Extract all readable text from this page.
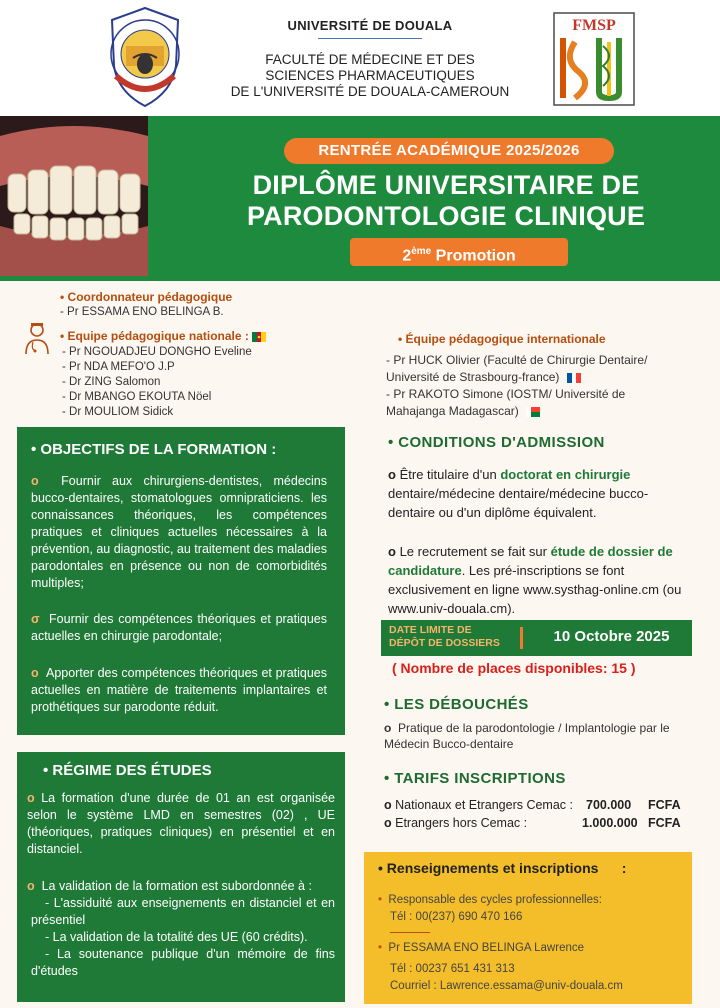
FMSP
UNIVERSITÉ DE DOUALA
FACULTÉ DE MÉDECINE ET DES
SCIENCES PHARMACEUTIQUES
DE L'UNIVERSITÉ DE DOUALA-CAMEROUN
RENTRÉE ACADÉMIQUE 2025/2026
DIPLÔME UNIVERSITAIRE DE
PARODONTOLOGIE CLINIQUE
2ème Promotion
• Coordonnateur pédagogique
- Pr ESSAMA ENO BELINGA B.
• Equipe pédagogique nationale :
- Pr NGOUADJEU DONGHO Eveline
- Pr NDA MEFO'O J.P
- Dr ZING Salomon
- Dr MBANGO EKOUTA Nöel
- Dr MOULIOM Sidick
• Équipe pédagogique internationale
- Pr HUCK Olivier (Faculté de Chirurgie Dentaire/
Université de Strasbourg-france)
- Pr RAKOTO Simone (IOSTM/ Université de
Mahajanga Madagascar)
• OBJECTIFS DE LA FORMATION :
o Fournir aux chirurgiens-dentistes, médecins bucco-dentaires, stomatologues omnipraticiens. les connaissances théoriques, les compétences pratiques et cliniques actuelles nécessaires à la prévention, au diagnostic, au traitement des maladies parodontales en présence ou non de comorbidités multiples;
σ Fournir des compétences théoriques et pratiques actuelles en chirurgie parodontale;
o Apporter des compétences théoriques et pratiques actuelles en matière de traitements implantaires et prothétiques sur parodonte réduit.
• RÉGIME DES ÉTUDES
o La formation d'une durée de 01 an est organisée selon le système LMD en semestres (02) , UE (théoriques, pratiques cliniques) en présentiel et en distanciel.
o La validation de la formation est subordonnée à :
- L'assiduité aux enseignements en distanciel et en présentiel
- La validation de la totalité des UE (60 crédits).
- La soutenance publique d'un mémoire de fins d'études
• CONDITIONS D'ADMISSION
o Être titulaire d'un doctorat en chirurgie dentaire/médecine dentaire/médecine bucco-dentaire ou d'un diplôme équivalent.
o Le recrutement se fait sur étude de dossier de candidature. Les pré-inscriptions se font exclusivement en ligne www.systhag-online.cm (ou www.univ-douala.cm).
DATE LIMITE DE
DÉPÔT DE DOSSIERS	10 Octobre 2025
( Nombre de places disponibles: 15 )
• LES DÉBOUCHÉS
o Pratique de la parodontologie / Implantologie par le Médecin Bucco-dentaire
• TARIFS INSCRIPTIONS
o Nationaux et Etrangers Cemac : 700.000 FCFA
o Etrangers hors Cemac :	1.000.000 FCFA
• Renseignements et inscriptions :
• Responsable des cycles professionnelles:
Tél : 00(237) 690 470 166
• Pr ESSAMA ENO BELINGA Lawrence
Tél : 00237 651 431 313
Courriel : Lawrence.essama@univ-douala.cm
